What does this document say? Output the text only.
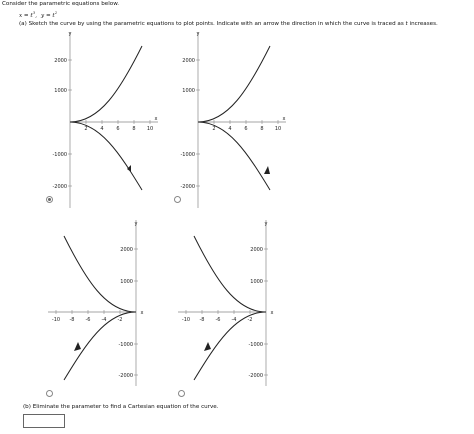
Consider the parametric equations below.
$x = t^3$, $y = t^2$
(a) Sketch the curve by using the parametric equations to plot points. Indicate with an arrow the direction in which the curve is traced as t increases.
y
x
2000
1000
-1000
-2000
2	4	6	8 10
y
x
2000
1000
-1000
-2000
2	4	6	8 10
y
x
2000
1000
-1000
-2000
-10 -8 -6 -4 -2
y
x
2000
1000
-1000
-2000
-10 -8 -6 -4 -2
(b) Eliminate the parameter to find a Cartesian equation of the curve.
